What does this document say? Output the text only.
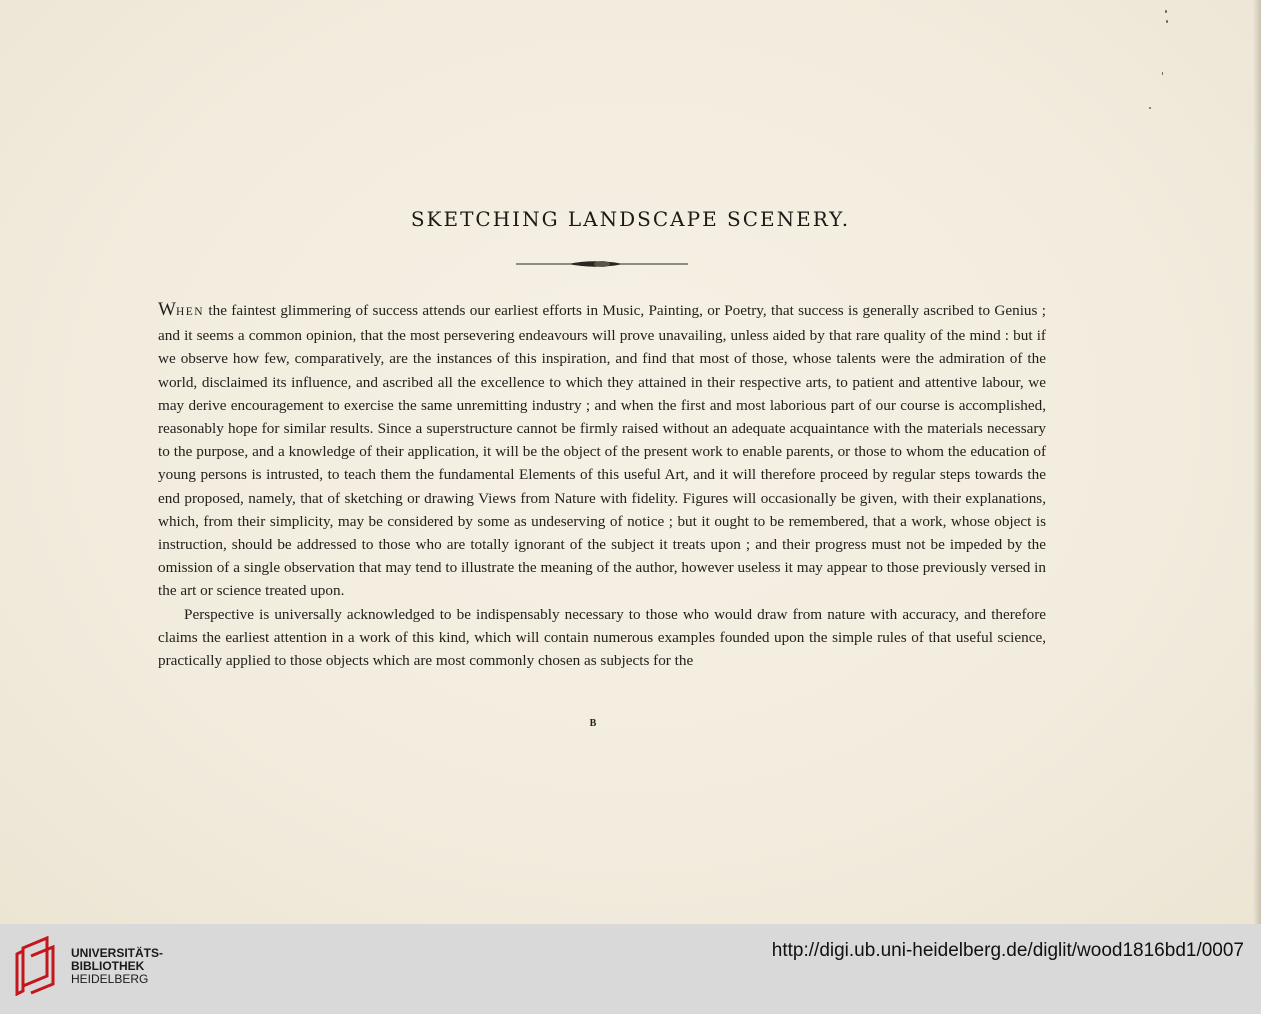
SKETCHING LANDSCAPE SCENERY.

WHEN the faintest glimmering of success attends our earliest efforts in Music, Painting, or Poetry, that success is generally ascribed to Genius ; and it seems a common opinion, that the most persevering endeavours will prove unavailing, unless aided by that rare quality of the mind : but if we observe how few, comparatively, are the instances of this inspiration, and find that most of those, whose talents were the admiration of the world, disclaimed its influence, and ascribed all the excellence to which they attained in their respective arts, to patient and attentive labour, we may derive encouragement to exercise the same unremitting industry ; and when the first and most laborious part of our course is accomplished, reasonably hope for similar results. Since a superstructure cannot be firmly raised without an adequate acquaintance with the materials necessary to the purpose, and a knowledge of their application, it will be the object of the present work to enable parents, or those to whom the education of young persons is intrusted, to teach them the fundamental Elements of this useful Art, and it will therefore proceed by regular steps towards the end proposed, namely, that of sketching or drawing Views from Nature with fidelity. Figures will occasionally be given, with their explanations, which, from their simplicity, may be considered by some as undeserving of notice ; but it ought to be remembered, that a work, whose object is instruction, should be addressed to those who are totally ignorant of the subject it treats upon ; and their progress must not be impeded by the omission of a single observation that may tend to illustrate the meaning of the author, however useless it may appear to those previously versed in the art or science treated upon.

Perspective is universally acknowledged to be indispensably necessary to those who would draw from nature with accuracy, and therefore claims the earliest attention in a work of this kind, which will contain numerous examples founded upon the simple rules of that useful science, practically applied to those objects which are most commonly chosen as subjects for the

B
UNIVERSITÄTS-
BIBLIOTHEK
HEIDELBERG
http://digi.ub.uni-heidelberg.de/diglit/wood1816bd1/0007
